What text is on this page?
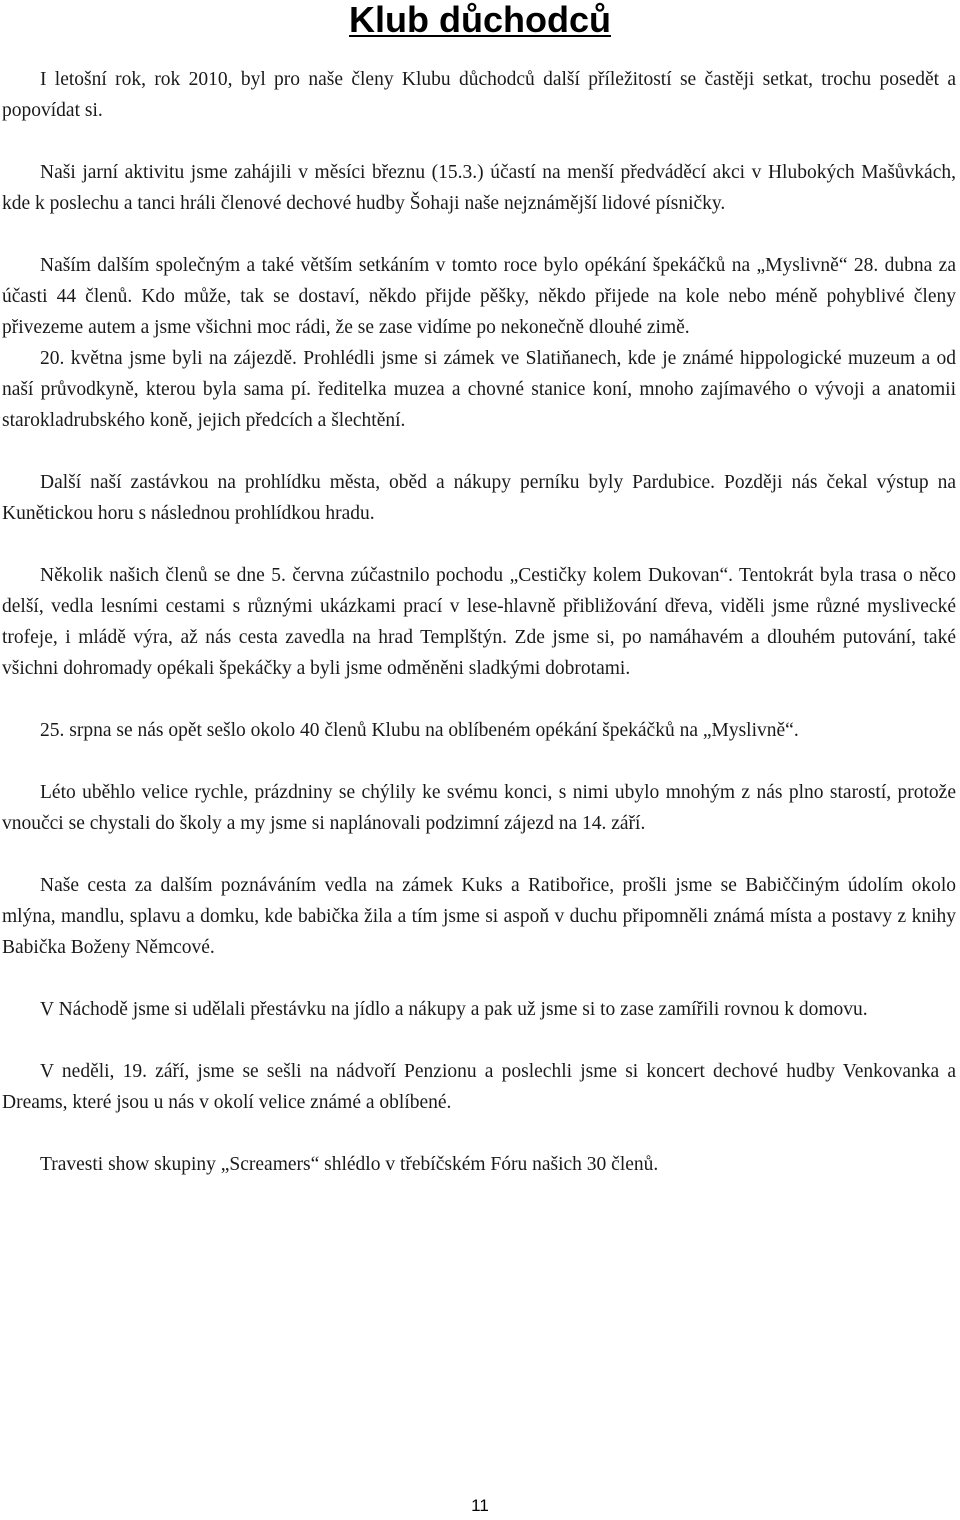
Klub důchodců

I letošní rok, rok 2010, byl pro naše členy Klubu důchodců další příležitostí se častěji setkat, trochu posedět a popovídat si.

Naši jarní aktivitu jsme zahájili v měsíci březnu (15.3.) účastí na menší předváděcí akci v Hlubokých Mašůvkách, kde k poslechu a tanci hráli členové dechové hudby Šohaji naše nejznámější lidové písničky.

Naším dalším společným a také větším setkáním v tomto roce bylo opékání špekáčků na „Myslivně“ 28. dubna za účasti 44 členů. Kdo může, tak se dostaví, někdo přijde pěšky, někdo přijede na kole nebo méně pohyblivé členy přivezeme autem a jsme všichni moc rádi, že se zase vidíme po nekonečně dlouhé zimě.

20. května jsme byli na zájezdě. Prohlédli jsme si zámek ve Slatiňanech, kde je známé hippologické muzeum a od naší průvodkyně, kterou byla sama pí. ředitelka muzea a chovné stanice koní, mnoho zajímavého o vývoji a anatomii starokladrubského koně, jejich předcích a šlechtění.

Další naší zastávkou na prohlídku města, oběd a nákupy perníku byly Pardubice. Později nás čekal výstup na Kunětickou horu s následnou prohlídkou hradu.

Několik našich členů se dne 5. června zúčastnilo pochodu „Cestičky kolem Dukovan“. Tentokrát byla trasa o něco delší, vedla lesními cestami s různými ukázkami prací v lese-hlavně přibližování dřeva, viděli jsme různé myslivecké trofeje, i mládě výra, až nás cesta zavedla na hrad Templštýn. Zde jsme si, po namáhavém a dlouhém putování, také všichni dohromady opékali špekáčky a byli jsme odměněni sladkými dobrotami.

25. srpna se nás opět sešlo okolo 40 členů Klubu na oblíbeném opékání špekáčků na „Myslivně“.

Léto uběhlo velice rychle, prázdniny se chýlily ke svému konci, s nimi ubylo mnohým z nás plno starostí, protože vnoučci se chystali do školy a my jsme si naplánovali podzimní zájezd na 14. září.

Naše cesta za dalším poznáváním vedla na zámek Kuks a Ratibořice, prošli jsme se Babiččiným údolím okolo mlýna, mandlu, splavu a domku, kde babička žila a tím jsme si aspoň v duchu připomněli známá místa a postavy z knihy Babička Boženy Němcové.

V Náchodě jsme si udělali přestávku na jídlo a nákupy a pak už jsme si to zase zamířili rovnou k domovu.

V neděli, 19. září, jsme se sešli na nádvoří Penzionu a poslechli jsme si koncert dechové hudby Venkovanka a Dreams, které jsou u nás v okolí velice známé a oblíbené.

Travesti show skupiny „Screamers“ shlédlo v třebíčském Fóru našich 30 členů.

11
